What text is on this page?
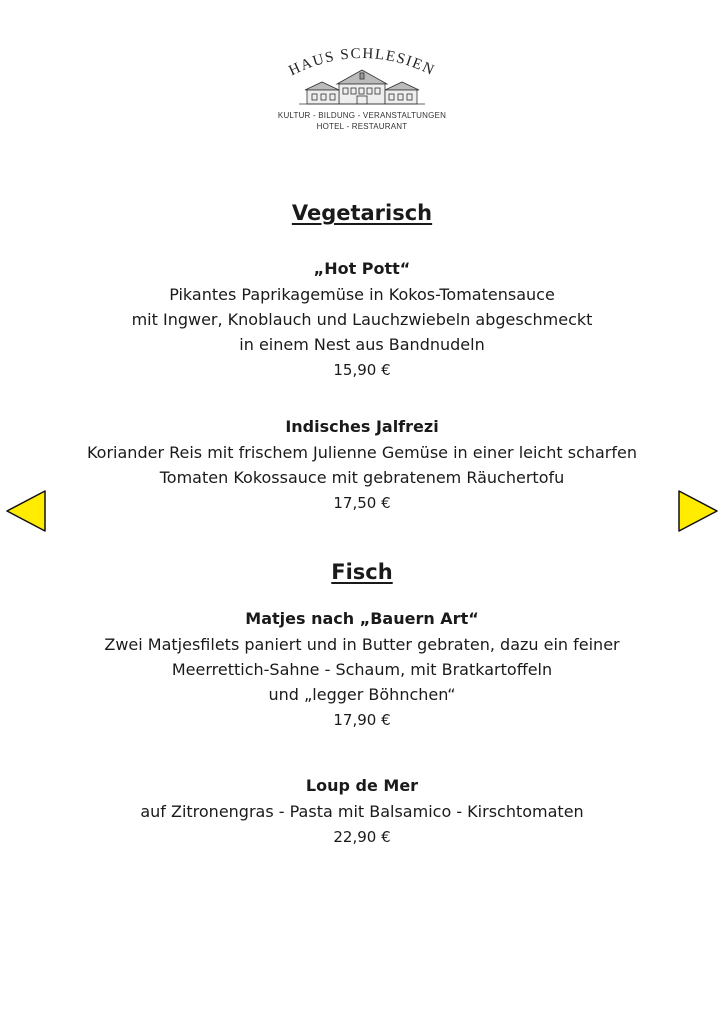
HAUS SCHLESIEN
KULTUR - BILDUNG - VERANSTALTUNGEN
HOTEL - RESTAURANT
Vegetarisch
„Hot Pott“
Pikantes Paprikagemüse in Kokos-Tomatensauce
mit Ingwer, Knoblauch und Lauchzwiebeln abgeschmeckt
in einem Nest aus Bandnudeln
15,90 €
Indisches Jalfrezi
Koriander Reis mit frischem Julienne Gemüse in einer leicht scharfen
Tomaten Kokossauce mit gebratenem Räuchertofu
17,50 €
Fisch
Matjes nach „Bauern Art“
Zwei Matjesfilets paniert und in Butter gebraten, dazu ein feiner
Meerrettich-Sahne - Schaum, mit Bratkartoffeln
und „legger Böhnchen“
17,90 €
Loup de Mer
auf Zitronengras - Pasta mit Balsamico - Kirschtomaten
22,90 €
